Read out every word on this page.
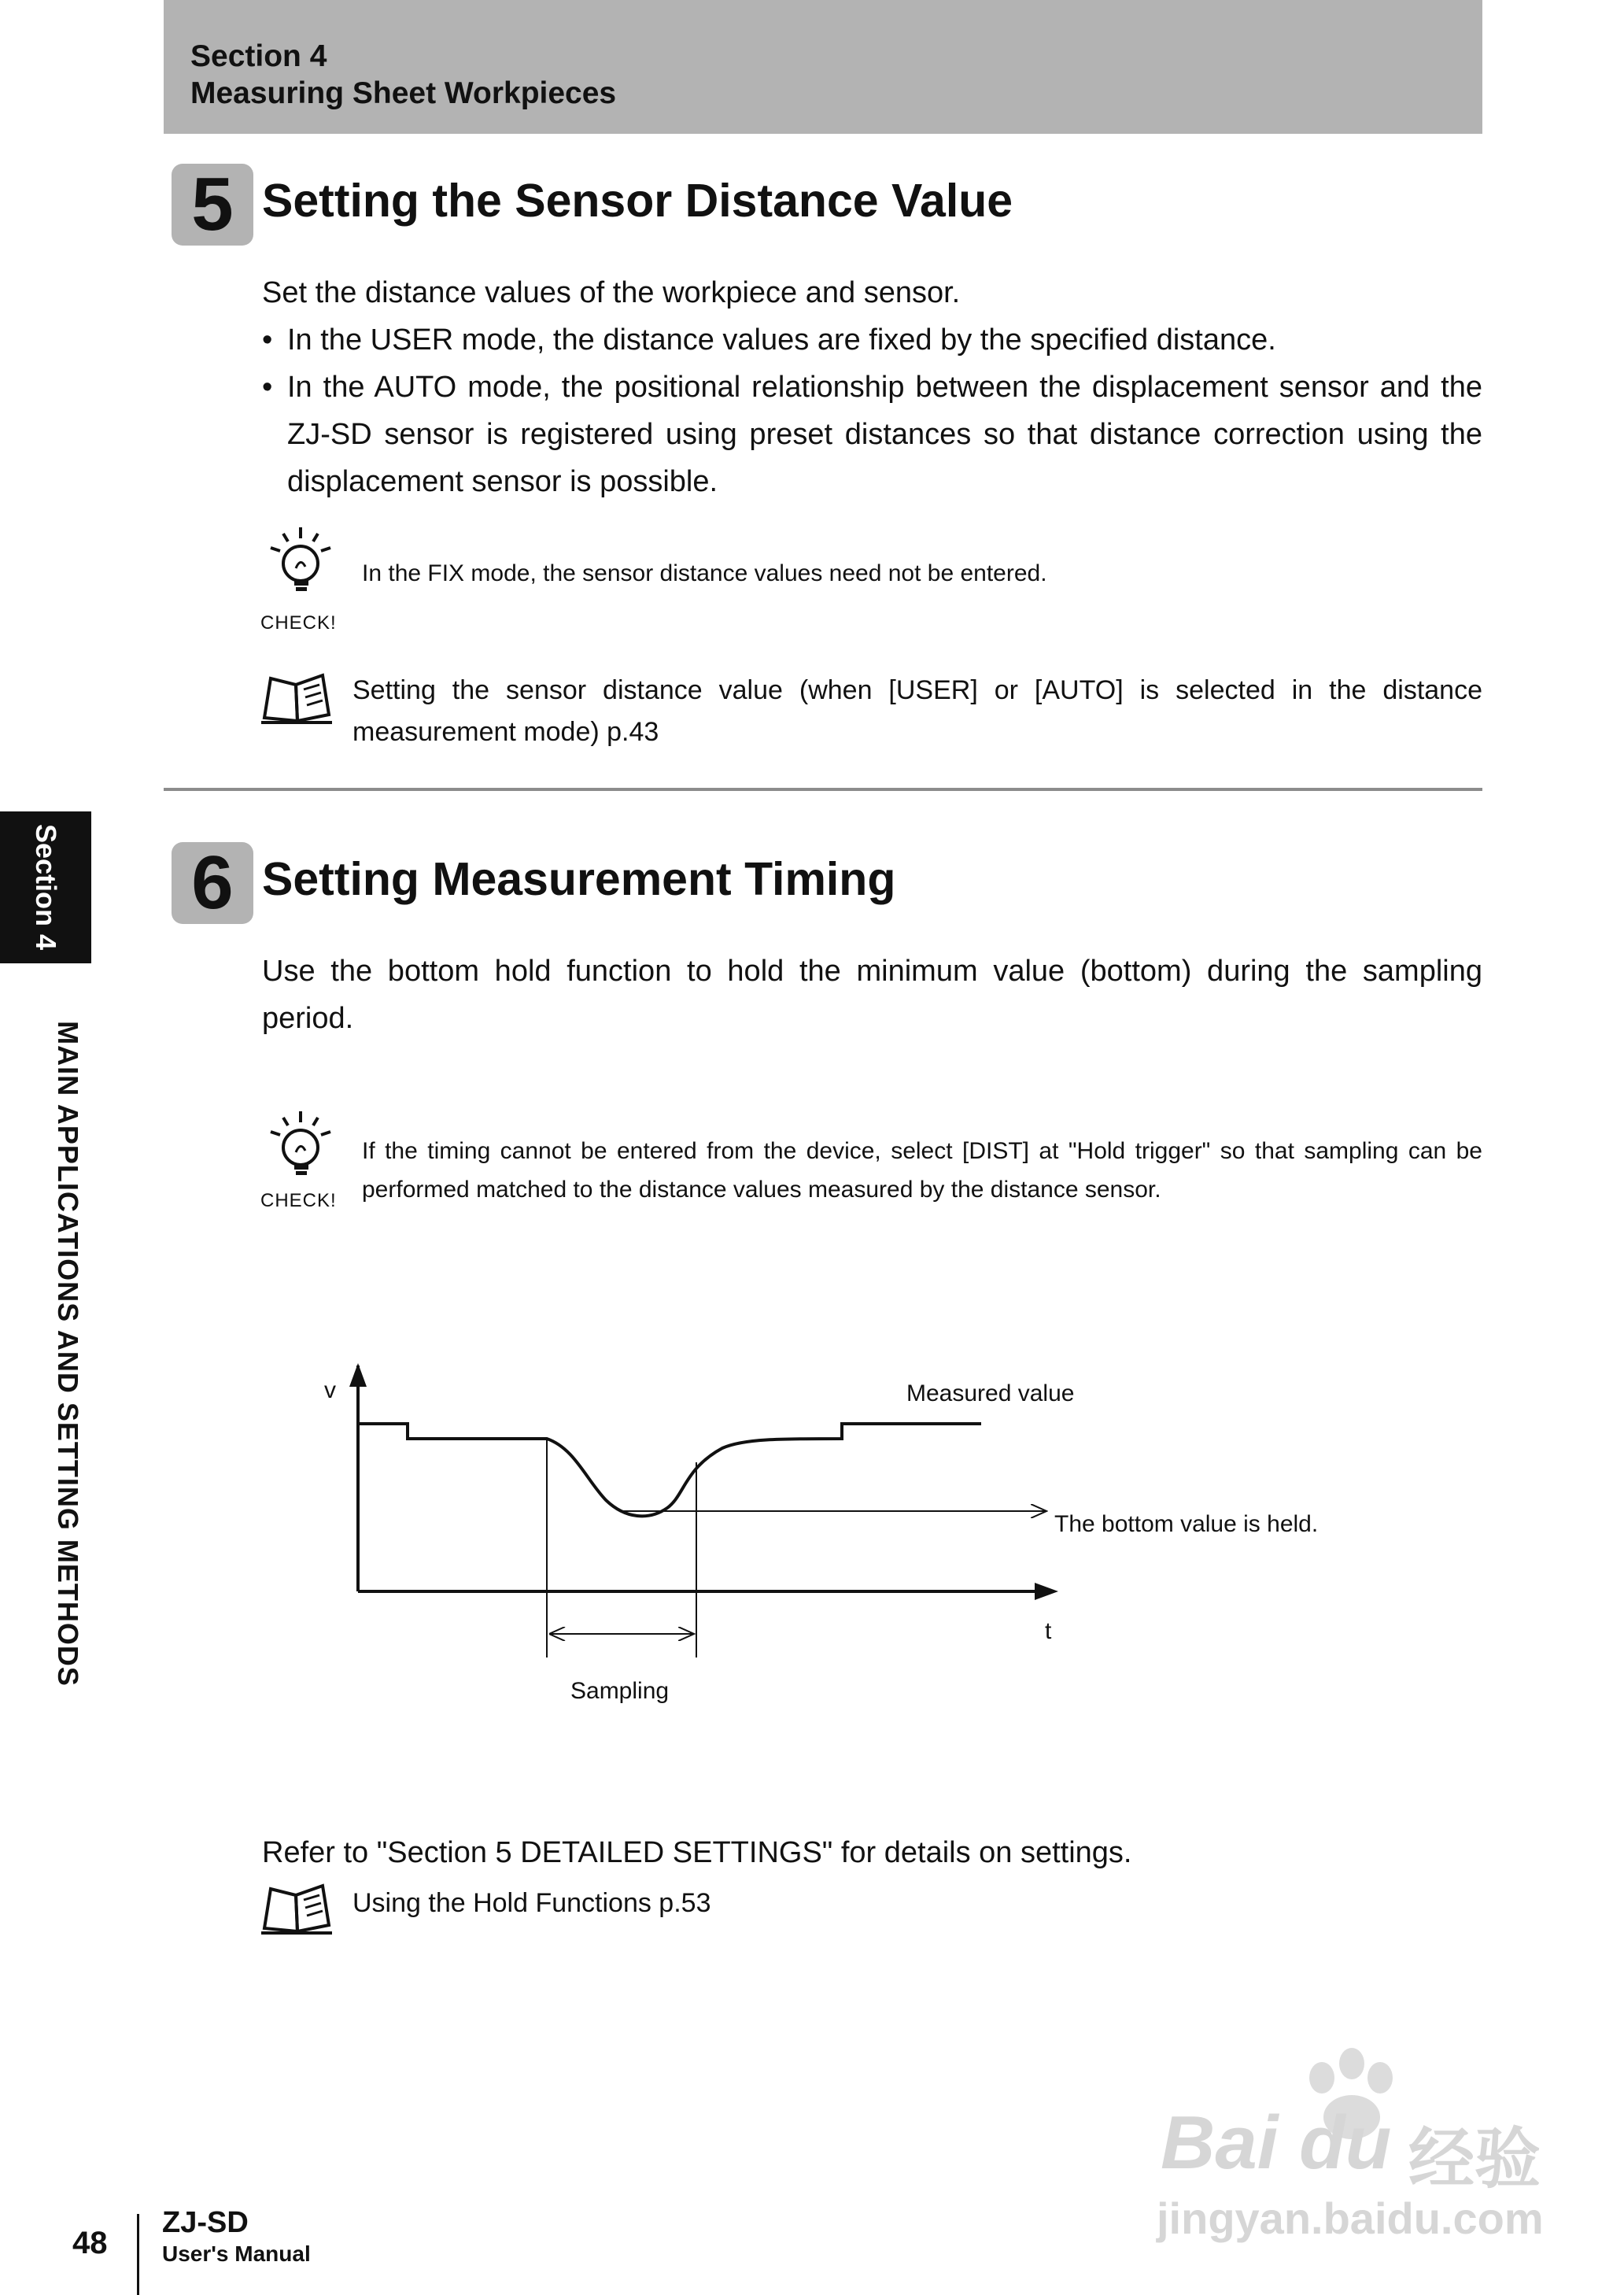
Section 4
Measuring Sheet Workpieces
5 Setting the Sensor Distance Value
Set the distance values of the workpiece and sensor.
• In the USER mode, the distance values are fixed by the specified distance.
• In the AUTO mode, the positional relationship between the displacement sensor and the ZJ-SD sensor is registered using preset distances so that distance correction using the displacement sensor is possible.
CHECK!
In the FIX mode, the sensor distance values need not be entered.
Setting the sensor distance value (when [USER] or [AUTO] is selected in the distance measurement mode) p.43
6 Setting Measurement Timing
Use the bottom hold function to hold the minimum value (bottom) during the sampling period.
CHECK!
If the timing cannot be entered from the device, select [DIST] at "Hold trigger" so that sampling can be performed matched to the distance values measured by the distance sensor.
v
t
Measured value
The bottom value is held.
Sampling
Refer to "Section 5 DETAILED SETTINGS" for details on settings.
Using the Hold Functions p.53
Section 4
MAIN APPLICATIONS AND SETTING METHODS
48
ZJ-SD
User's Manual
Bai du 经验
jingyan.baidu.com
